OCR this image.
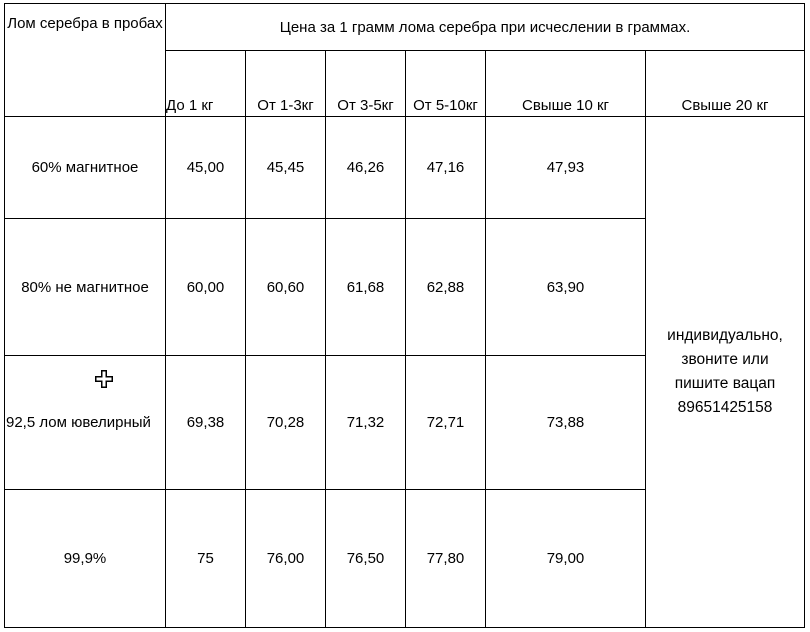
Лом серебра в пробах	Цена за 1 грамм лома серебра при исчеслении в граммах.					
	До 1 кг	От 1-3кг	От 3-5кг	От 5-10кг	Свыше 10 кг	Свыше 20 кг
60% магнитное	45,00	45,45	46,26	47,16	47,93	индивидуально, звоните или пишите вацап 89651425158
80% не магнитное	60,00	60,60	61,68	62,88	63,90	
92,5 лом ювелирный	69,38	70,28	71,32	72,71	73,88	
99,9%	75	76,00	76,50	77,80	79,00	
